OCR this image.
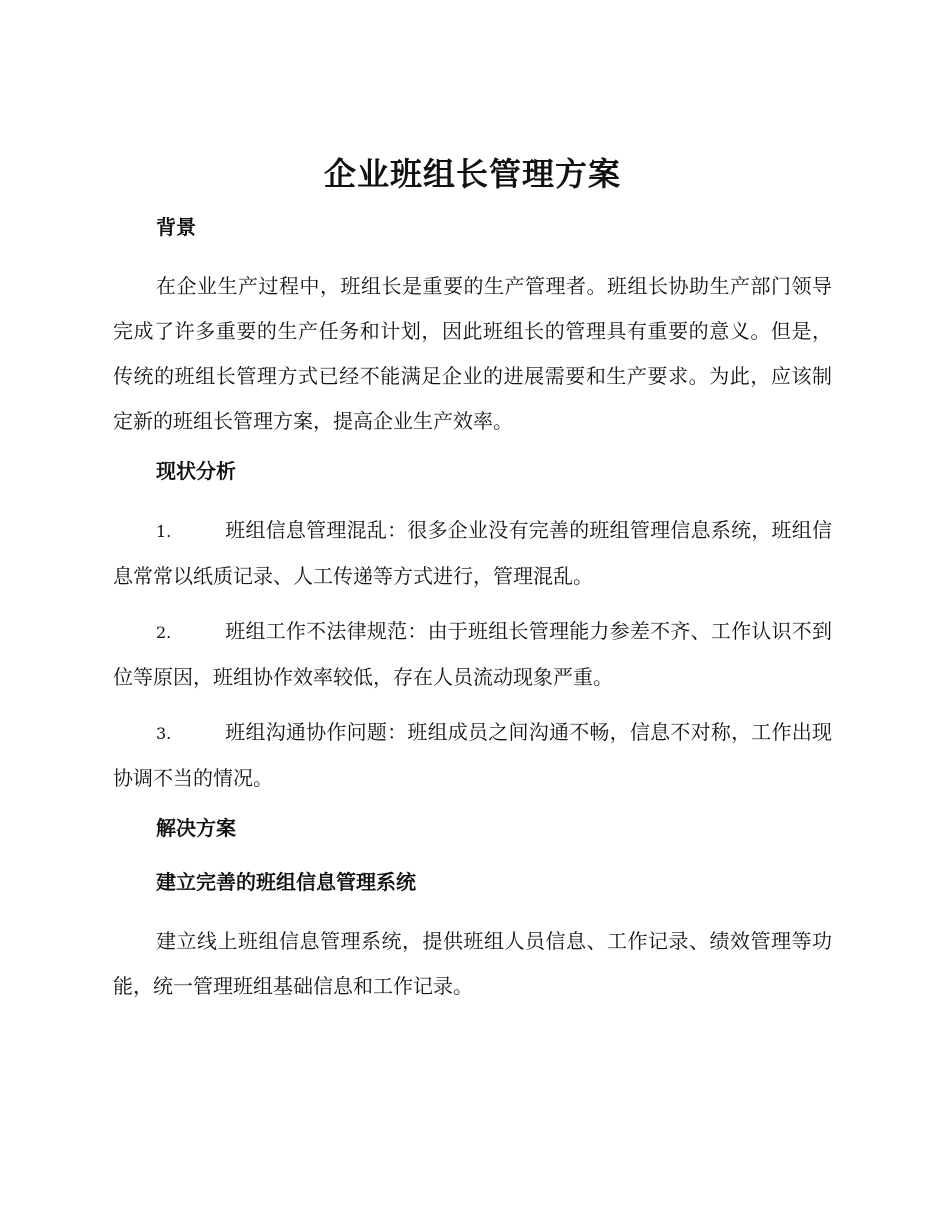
企业班组长管理方案
背景

在企业生产过程中，班组长是重要的生产管理者。班组长协助生产部门领导完成了许多重要的生产任务和计划，因此班组长的管理具有重要的意义。但是，传统的班组长管理方式已经不能满足企业的进展需要和生产要求。为此，应该制定新的班组长管理方案，提高企业生产效率。

现状分析

1.	班组信息管理混乱：很多企业没有完善的班组管理信息系统，班组信息常常以纸质记录、人工传递等方式进行，管理混乱。

2.	班组工作不法律规范：由于班组长管理能力参差不齐、工作认识不到位等原因，班组协作效率较低，存在人员流动现象严重。

3.	班组沟通协作问题：班组成员之间沟通不畅，信息不对称，工作出现协调不当的情况。

解决方案
建立完善的班组信息管理系统

建立线上班组信息管理系统，提供班组人员信息、工作记录、绩效管理等功能，统一管理班组基础信息和工作记录。
